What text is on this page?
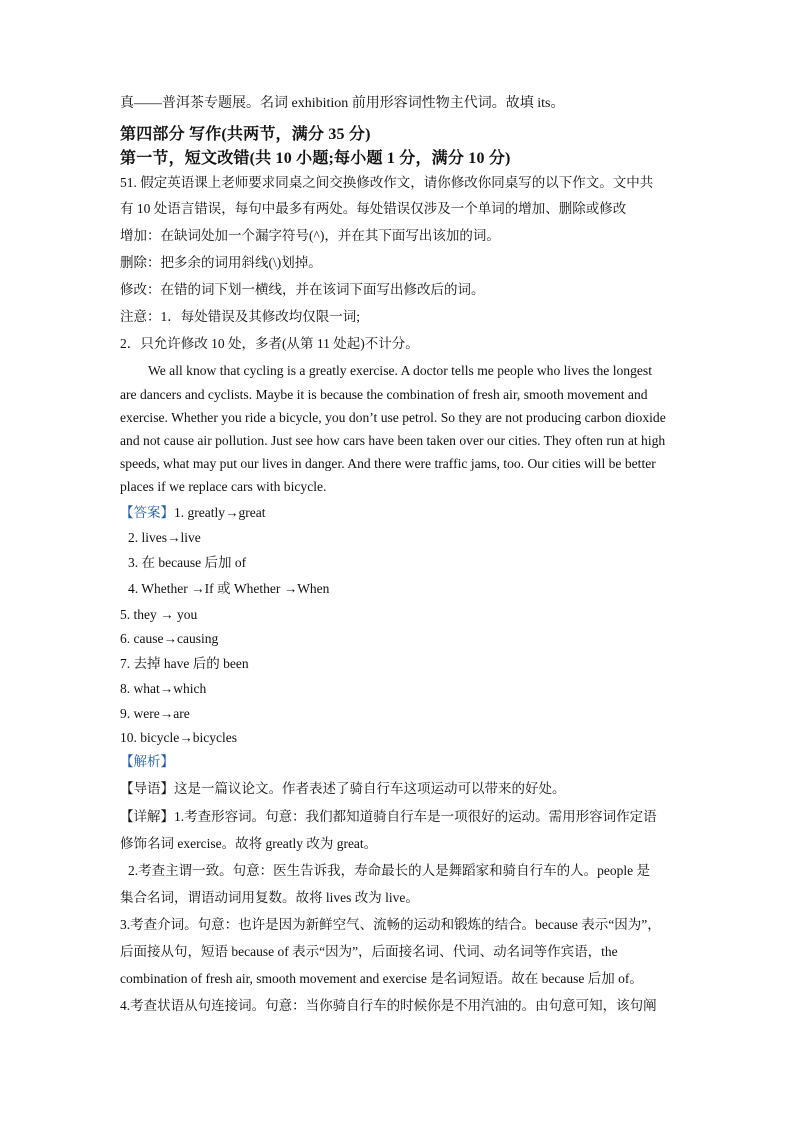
真——普洱茶专题展。名词 exhibition 前用形容词性物主代词。故填 its。
第四部分 写作(共两节，满分 35 分)
第一节，短文改错(共 10 小题;每小题 1 分，满分 10 分)
51. 假定英语课上老师要求同桌之间交换修改作文，请你修改你同桌写的以下作文。文中共
有 10 处语言错误，每句中最多有两处。每处错误仅涉及一个单词的增加、删除或修改
增加：在缺词处加一个漏字符号(^)，并在其下面写出该加的词。
删除：把多余的词用斜线(\)划掉。
修改：在错的词下划一横线，并在该词下面写出修改后的词。
注意：1．每处错误及其修改均仅限一词;
2．只允许修改 10 处，多者(从第 11 处起)不计分。
We all know that cycling is a greatly exercise. A doctor tells me people who lives the longest
are dancers and cyclists. Maybe it is because the combination of fresh air, smooth movement and
exercise. Whether you ride a bicycle, you don’t use petrol. So they are not producing carbon dioxide
and not cause air pollution. Just see how cars have been taken over our cities. They often run at high
speeds, what may put our lives in danger. And there were traffic jams, too. Our cities will be better
places if we replace cars with bicycle.
【答案】1. greatly→great
2. lives→live
3. 在 because 后加 of
4. Whether →If 或 Whether →When
5. they → you
6. cause→causing
7. 去掉 have 后的 been
8. what→which
9. were→are
10. bicycle→bicycles
【解析】
【导语】这是一篇议论文。作者表述了骑自行车这项运动可以带来的好处。
【详解】1.考查形容词。句意：我们都知道骑自行车是一项很好的运动。需用形容词作定语
修饰名词 exercise。故将 greatly 改为 great。
2.考查主谓一致。句意：医生告诉我，寿命最长的人是舞蹈家和骑自行车的人。people 是
集合名词，谓语动词用复数。故将 lives 改为 live。
3.考查介词。句意：也许是因为新鲜空气、流畅的运动和锻炼的结合。because 表示“因为”，
后面接从句，短语 because of 表示“因为”，后面接名词、代词、动名词等作宾语，the
combination of fresh air, smooth movement and exercise 是名词短语。故在 because 后加 of。
4.考查状语从句连接词。句意：当你骑自行车的时候你是不用汽油的。由句意可知，该句阐
